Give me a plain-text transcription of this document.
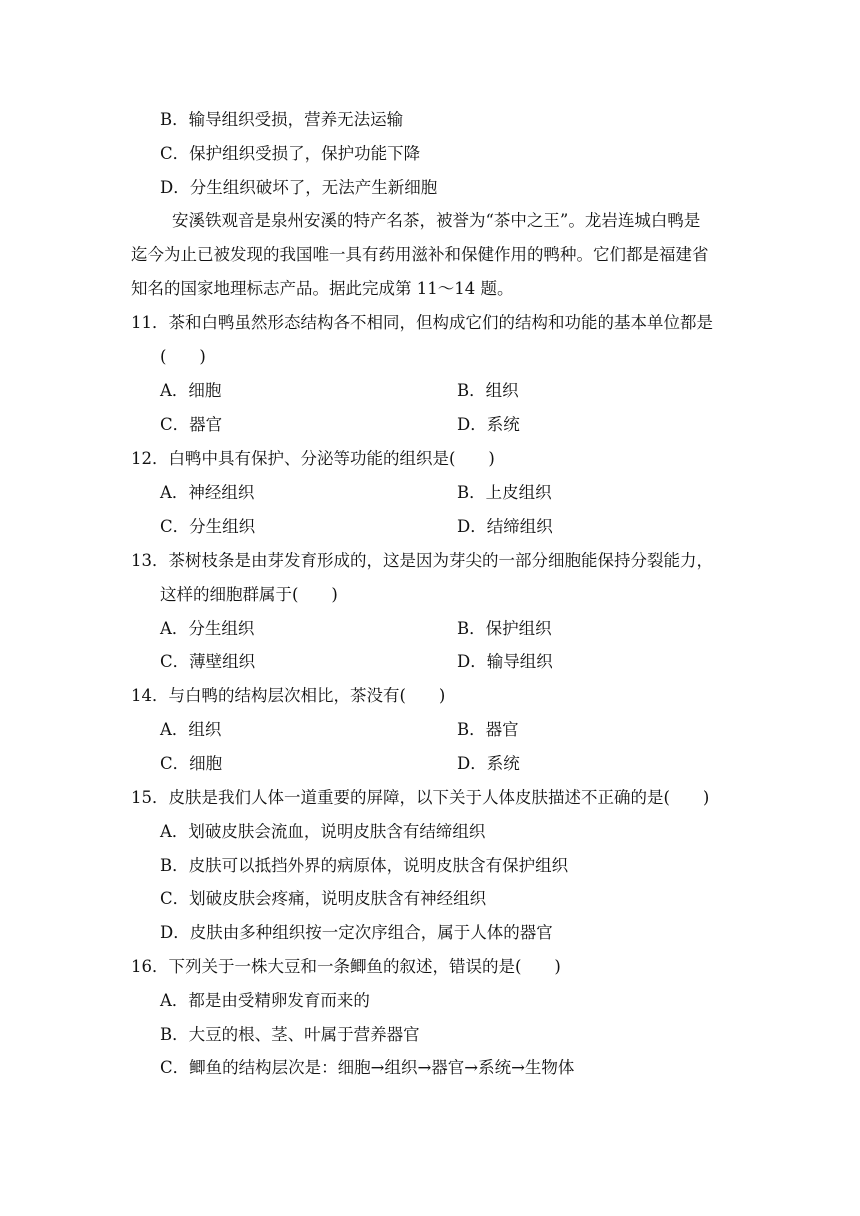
B．输导组织受损，营养无法运输
C．保护组织受损了，保护功能下降
D．分生组织破坏了，无法产生新细胞
安溪铁观音是泉州安溪的特产名茶，被誉为“茶中之王”。龙岩连城白鸭是
迄今为止已被发现的我国唯一具有药用滋补和保健作用的鸭种。它们都是福建省
知名的国家地理标志产品。据此完成第 11～14 题。
11．茶和白鸭虽然形态结构各不相同，但构成它们的结构和功能的基本单位都是
(　　)
A．细胞	B．组织
C．器官	D．系统
12．白鸭中具有保护、分泌等功能的组织是(　　)
A．神经组织	B．上皮组织
C．分生组织	D．结缔组织
13．茶树枝条是由芽发育形成的，这是因为芽尖的一部分细胞能保持分裂能力，
这样的细胞群属于(　　)
A．分生组织	B．保护组织
C．薄壁组织	D．输导组织
14．与白鸭的结构层次相比，茶没有(　　)
A．组织	B．器官
C．细胞	D．系统
15．皮肤是我们人体一道重要的屏障，以下关于人体皮肤描述不正确的是(　　)
A．划破皮肤会流血，说明皮肤含有结缔组织
B．皮肤可以抵挡外界的病原体，说明皮肤含有保护组织
C．划破皮肤会疼痛，说明皮肤含有神经组织
D．皮肤由多种组织按一定次序组合，属于人体的器官
16．下列关于一株大豆和一条鲫鱼的叙述，错误的是(　　)
A．都是由受精卵发育而来的
B．大豆的根、茎、叶属于营养器官
C．鲫鱼的结构层次是：细胞→组织→器官→系统→生物体
